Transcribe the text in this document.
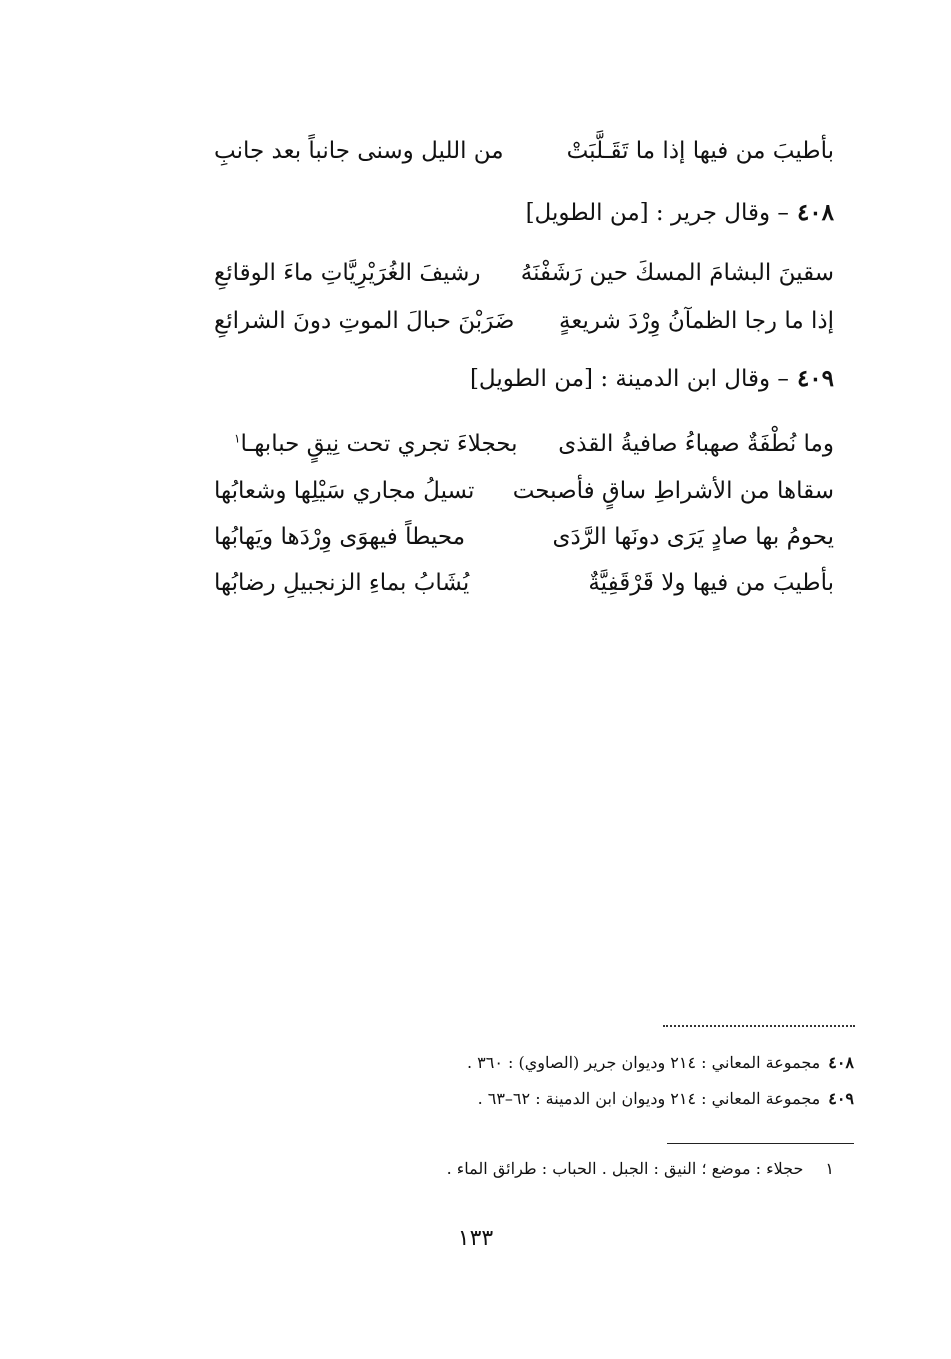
بأطيبَ من فيها إذا ما تَقَـلَّبَتْ
من الليل وسنى جانباً بعد جانبِ
٤٠٨– وقال جرير : [من الطويل]
سقينَ البشامَ المسكَ حين رَشَفْنَهُ
رشيفَ الغُرَيْرِيَّاتِ ماءَ الوقائعِ
إذا ما رجا الظمآنُ وِرْدَ شريعةٍ
ضَرَبْنَ حبالَ الموتِ دونَ الشرائعِ
٤٠٩– وقال ابن الدمينة : [من الطويل]
وما نُطْفَةٌ صهباءُ صافيةُ القذى
بحجلاءَ تجري تحت نِيقٍ حبابهـا$^١$
سقاها من الأشراطِ ساقٍ فأصبحت
تسيلُ مجاري سَيْلِها وشعابُها
يحومُ بها صادٍ يَرَى دونَها الرَّدَى
محيطاً فيهوَى وِرْدَها ويَهابُها
بأطيبَ من فيها ولا قَرْقَفِيَّةٌ
يُشَابُ بماءِ الزنجبيلِ رضابُها
٤٠٨مجموعة المعاني : ٢١٤ وديوان جرير (الصاوي) : ٣٦٠ .
٤٠٩مجموعة المعاني : ٢١٤ وديوان ابن الدمينة : ٦٢–٦٣ .
١حجلاء : موضع ؛ النيق : الجبل . الحباب : طرائق الماء .
١٣٣
